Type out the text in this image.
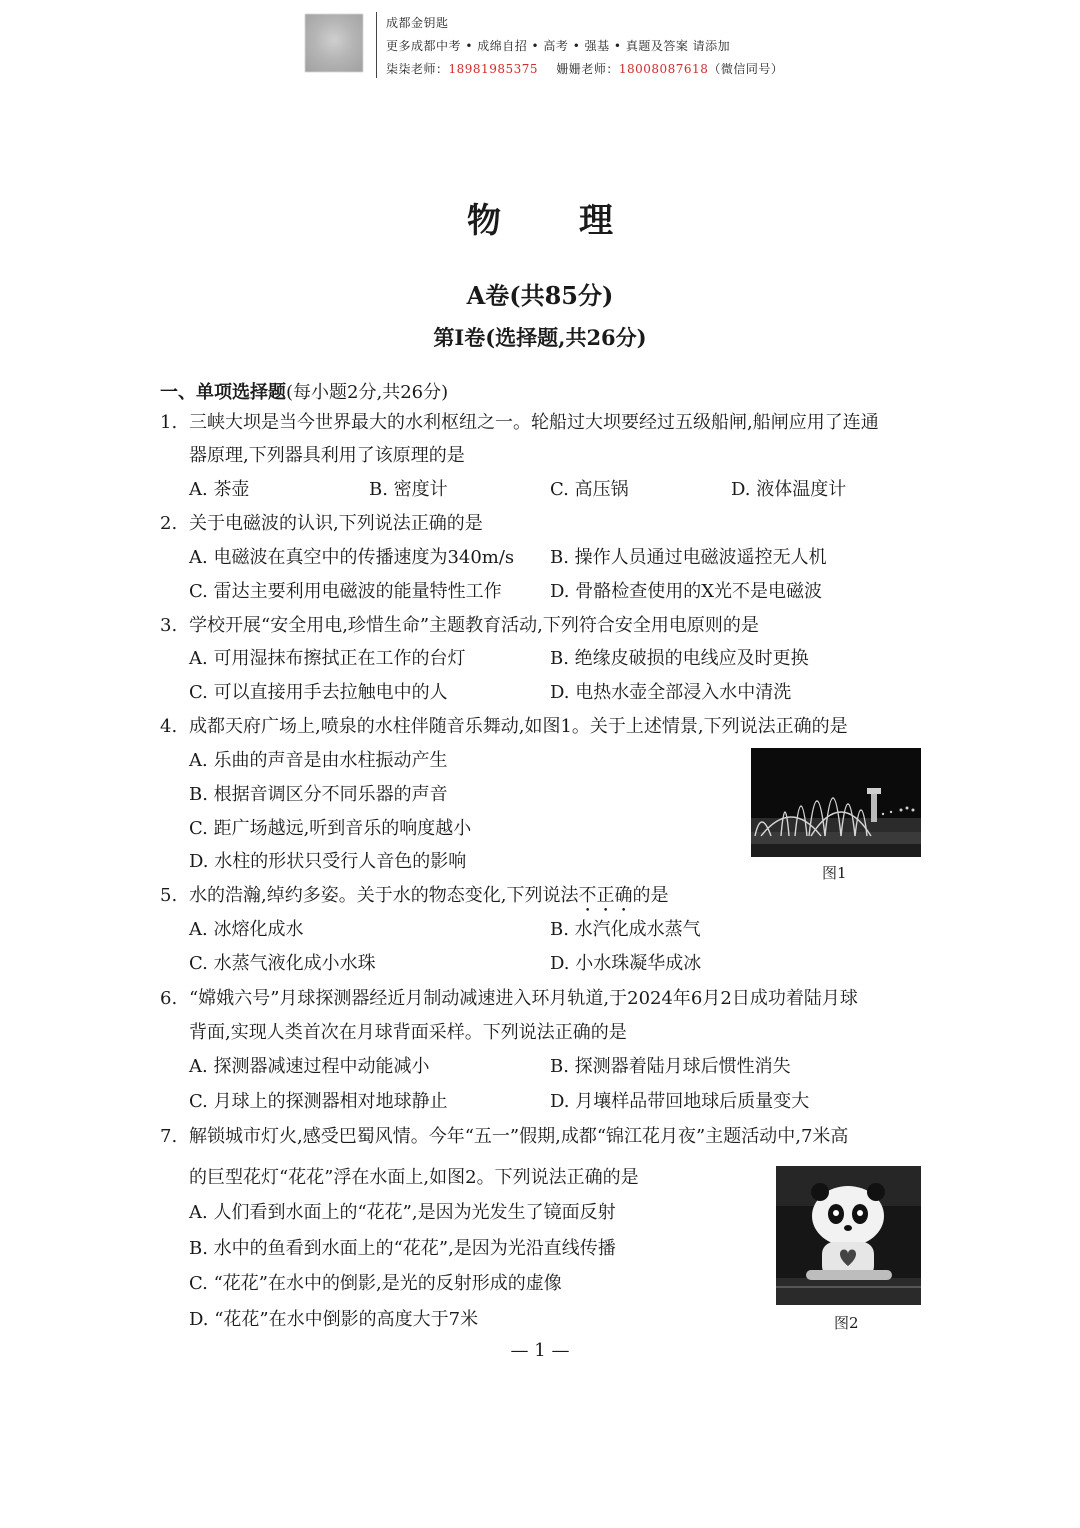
成都金钥匙
更多成都中考 • 成绵自招 • 高考 • 强基 • 真题及答案 请添加
柒柒老师：18981985375 姗姗老师：18008087618（微信同号）
物理
A卷(共85分)
第Ⅰ卷(选择题,共26分)
一、单项选择题(每小题2分,共26分)
1. 三峡大坝是当今世界最大的水利枢纽之一。轮船过大坝要经过五级船闸,船闸应用了连通
器原理,下列器具利用了该原理的是
A. 茶壶	B. 密度计	C. 高压锅	D. 液体温度计
2. 关于电磁波的认识,下列说法正确的是
A. 电磁波在真空中的传播速度为340m/s B. 操作人员通过电磁波遥控无人机
C. 雷达主要利用电磁波的能量特性工作	D. 骨骼检查使用的X光不是电磁波
3. 学校开展“安全用电,珍惜生命”主题教育活动,下列符合安全用电原则的是
A. 可用湿抹布擦拭正在工作的台灯	B. 绝缘皮破损的电线应及时更换
C. 可以直接用手去拉触电中的人	D. 电热水壶全部浸入水中清洗
4. 成都天府广场上,喷泉的水柱伴随音乐舞动,如图1。关于上述情景,下列说法正确的是
A. 乐曲的声音是由水柱振动产生
B. 根据音调区分不同乐器的声音
C. 距广场越远,听到音乐的响度越小
D. 水柱的形状只受行人音色的影响
图1
5. 水的浩瀚,绰约多姿。关于水的物态变化,下列说法不正确的是
A. 冰熔化成水	B. 水汽化成水蒸气
C. 水蒸气液化成小水珠	D. 小水珠凝华成冰
6. “嫦娥六号”月球探测器经近月制动减速进入环月轨道,于2024年6月2日成功着陆月球
背面,实现人类首次在月球背面采样。下列说法正确的是
A. 探测器减速过程中动能减小	B. 探测器着陆月球后惯性消失
C. 月球上的探测器相对地球静止	D. 月壤样品带回地球后质量变大
7. 解锁城市灯火,感受巴蜀风情。今年“五一”假期,成都“锦江花月夜”主题活动中,7米高
的巨型花灯“花花”浮在水面上,如图2。下列说法正确的是
A. 人们看到水面上的“花花”,是因为光发生了镜面反射
B. 水中的鱼看到水面上的“花花”,是因为光沿直线传播
C. “花花”在水中的倒影,是光的反射形成的虚像
D. “花花”在水中倒影的高度大于7米	图2
— 1 —
